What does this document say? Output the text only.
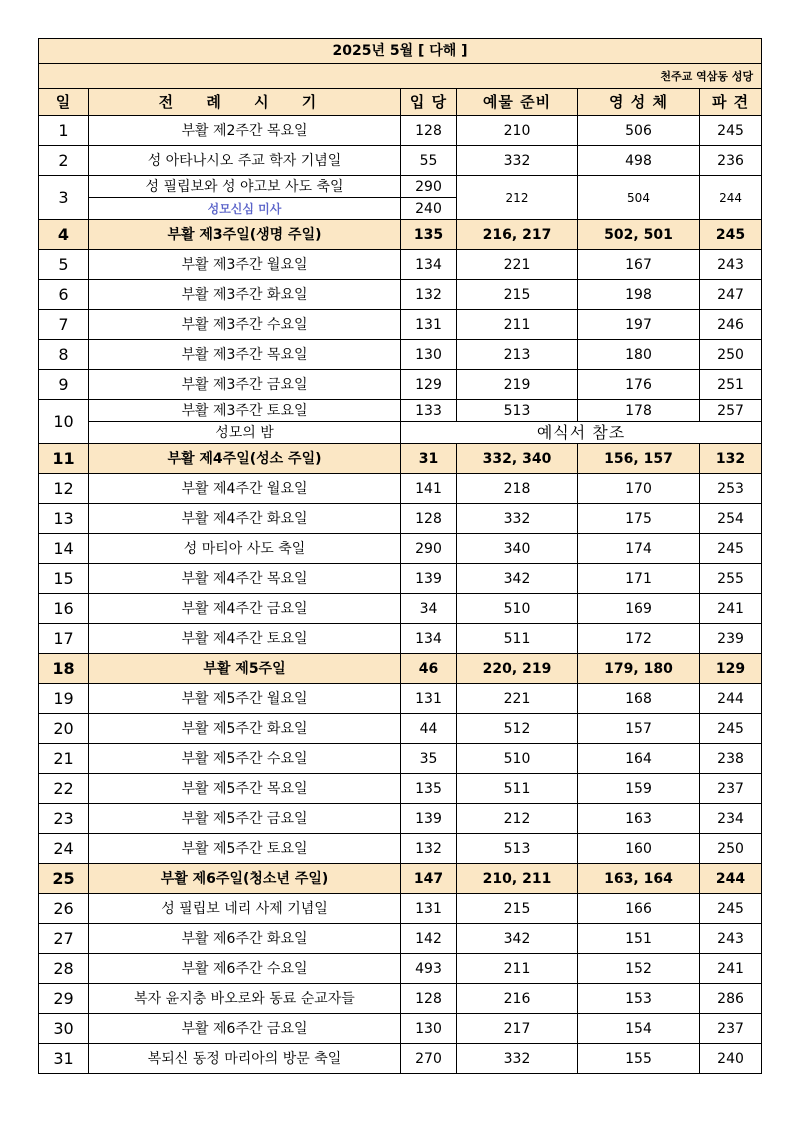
2025년 5월 [ 다해 ]					
천주교 역삼동 성당					
일	전 례 시 기	입 당	예물 준비	영 성 체	파 견
1	부활 제2주간 목요일	128	210	506	245
2	성 아타나시오 주교 학자 기념일	55	332	498	236
3	성 필립보와 성 야고보 사도 축일	290	212	504	244
	성모신심 미사	240			
4	부활 제3주일(생명 주일)	135	216, 217	502, 501	245
5	부활 제3주간 월요일	134	221	167	243
6	부활 제3주간 화요일	132	215	198	247
7	부활 제3주간 수요일	131	211	197	246
8	부활 제3주간 목요일	130	213	180	250
9	부활 제3주간 금요일	129	219	176	251
10	부활 제3주간 토요일	133	513	178	257
	성모의 밤	예식서 참조			
11	부활 제4주일(성소 주일)	31	332, 340	156, 157	132
12	부활 제4주간 월요일	141	218	170	253
13	부활 제4주간 화요일	128	332	175	254
14	성 마티아 사도 축일	290	340	174	245
15	부활 제4주간 목요일	139	342	171	255
16	부활 제4주간 금요일	34	510	169	241
17	부활 제4주간 토요일	134	511	172	239
18	부활 제5주일	46	220, 219	179, 180	129
19	부활 제5주간 월요일	131	221	168	244
20	부활 제5주간 화요일	44	512	157	245
21	부활 제5주간 수요일	35	510	164	238
22	부활 제5주간 목요일	135	511	159	237
23	부활 제5주간 금요일	139	212	163	234
24	부활 제5주간 토요일	132	513	160	250
25	부활 제6주일(청소년 주일)	147	210, 211	163, 164	244
26	성 필립보 네리 사제 기념일	131	215	166	245
27	부활 제6주간 화요일	142	342	151	243
28	부활 제6주간 수요일	493	211	152	241
29	복자 윤지충 바오로와 동료 순교자들	128	216	153	286
30	부활 제6주간 금요일	130	217	154	237
31	복되신 동정 마리아의 방문 축일	270	332	155	240
